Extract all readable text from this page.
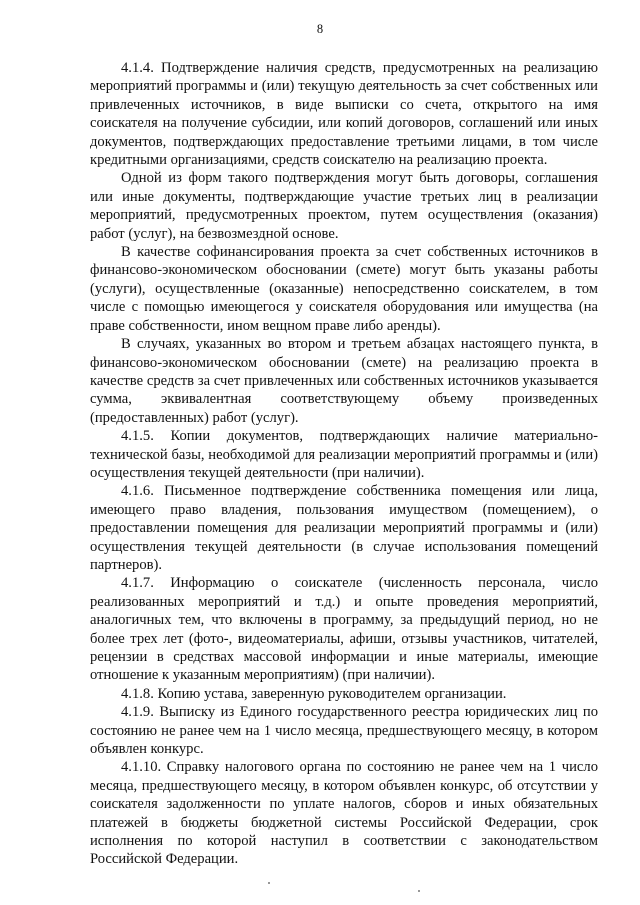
8

4.1.4. Подтверждение наличия средств, предусмотренных на реализацию мероприятий программы и (или) текущую деятельность за счет собственных или привлеченных источников, в виде выписки со счета, открытого на имя соискателя на получение субсидии, или копий договоров, соглашений или иных документов, подтверждающих предоставление третьими лицами, в том числе кредитными организациями, средств соискателю на реализацию проекта.

Одной из форм такого подтверждения могут быть договоры, соглашения или иные документы, подтверждающие участие третьих лиц в реализации мероприятий, предусмотренных проектом, путем осуществления (оказания) работ (услуг), на безвозмездной основе.

В качестве софинансирования проекта за счет собственных источников в финансово-экономическом обосновании (смете) могут быть указаны работы (услуги), осуществленные (оказанные) непосредственно соискателем, в том числе с помощью имеющегося у соискателя оборудования или имущества (на праве собственности, ином вещном праве либо аренды).

В случаях, указанных во втором и третьем абзацах настоящего пункта, в финансово-экономическом обосновании (смете) на реализацию проекта в качестве средств за счет привлеченных или собственных источников указывается сумма, эквивалентная соответствующему объему произведенных (предоставленных) работ (услуг).

4.1.5. Копии документов, подтверждающих наличие материально-технической базы, необходимой для реализации мероприятий программы и (или) осуществления текущей деятельности (при наличии).

4.1.6. Письменное подтверждение собственника помещения или лица, имеющего право владения, пользования имуществом (помещением), о предоставлении помещения для реализации мероприятий программы и (или) осуществления текущей деятельности (в случае использования помещений партнеров).

4.1.7. Информацию о соискателе (численность персонала, число реализованных мероприятий и т.д.) и опыте проведения мероприятий, аналогичных тем, что включены в программу, за предыдущий период, но не более трех лет (фото-, видеоматериалы, афиши, отзывы участников, читателей, рецензии в средствах массовой информации и иные материалы, имеющие отношение к указанным мероприятиям) (при наличии).

4.1.8. Копию устава, заверенную руководителем организации.

4.1.9. Выписку из Единого государственного реестра юридических лиц по состоянию не ранее чем на 1 число месяца, предшествующего месяцу, в котором объявлен конкурс.

4.1.10. Справку налогового органа по состоянию не ранее чем на 1 число месяца, предшествующего месяцу, в котором объявлен конкурс, об отсутствии у соискателя задолженности по уплате налогов, сборов и иных обязательных платежей в бюджеты бюджетной системы Российской Федерации, срок исполнения по которой наступил в соответствии с законодательством Российской Федерации.
